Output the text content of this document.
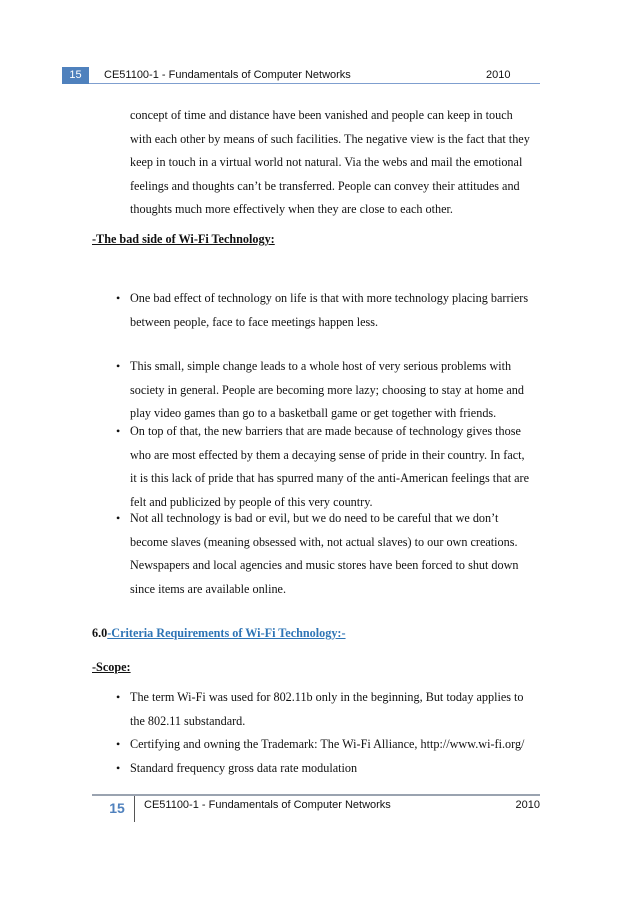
15	CE51100-1 - Fundamentals of Computer Networks	2010
concept of time and distance have been vanished and people can keep in touch
with each other by means of such facilities. The negative view is the fact that they
keep in touch in a virtual world not natural. Via the webs and mail the emotional
feelings and thoughts can’t be transferred. People can convey their attitudes and
thoughts much more effectively when they are close to each other.
-The bad side of Wi-Fi Technology:
• One bad effect of technology on life is that with more technology placing barriers
between people, face to face meetings happen less.
• This small, simple change leads to a whole host of very serious problems with
society in general. People are becoming more lazy; choosing to stay at home and
play video games than go to a basketball game or get together with friends.
• On top of that, the new barriers that are made because of technology gives those
who are most effected by them a decaying sense of pride in their country. In fact,
it is this lack of pride that has spurred many of the anti-American feelings that are
felt and publicized by people of this very country.
• Not all technology is bad or evil, but we do need to be careful that we don’t
become slaves (meaning obsessed with, not actual slaves) to our own creations.
Newspapers and local agencies and music stores have been forced to shut down
since items are available online.
6.0-Criteria Requirements of Wi-Fi Technology:-
-Scope:
• The term Wi-Fi was used for 802.11b only in the beginning, But today applies to
the 802.11 substandard.
• Certifying and owning the Trademark: The Wi-Fi Alliance, http://www.wi-fi.org/
• Standard frequency gross data rate modulation
15	CE51100-1 - Fundamentals of Computer Networks	2010
